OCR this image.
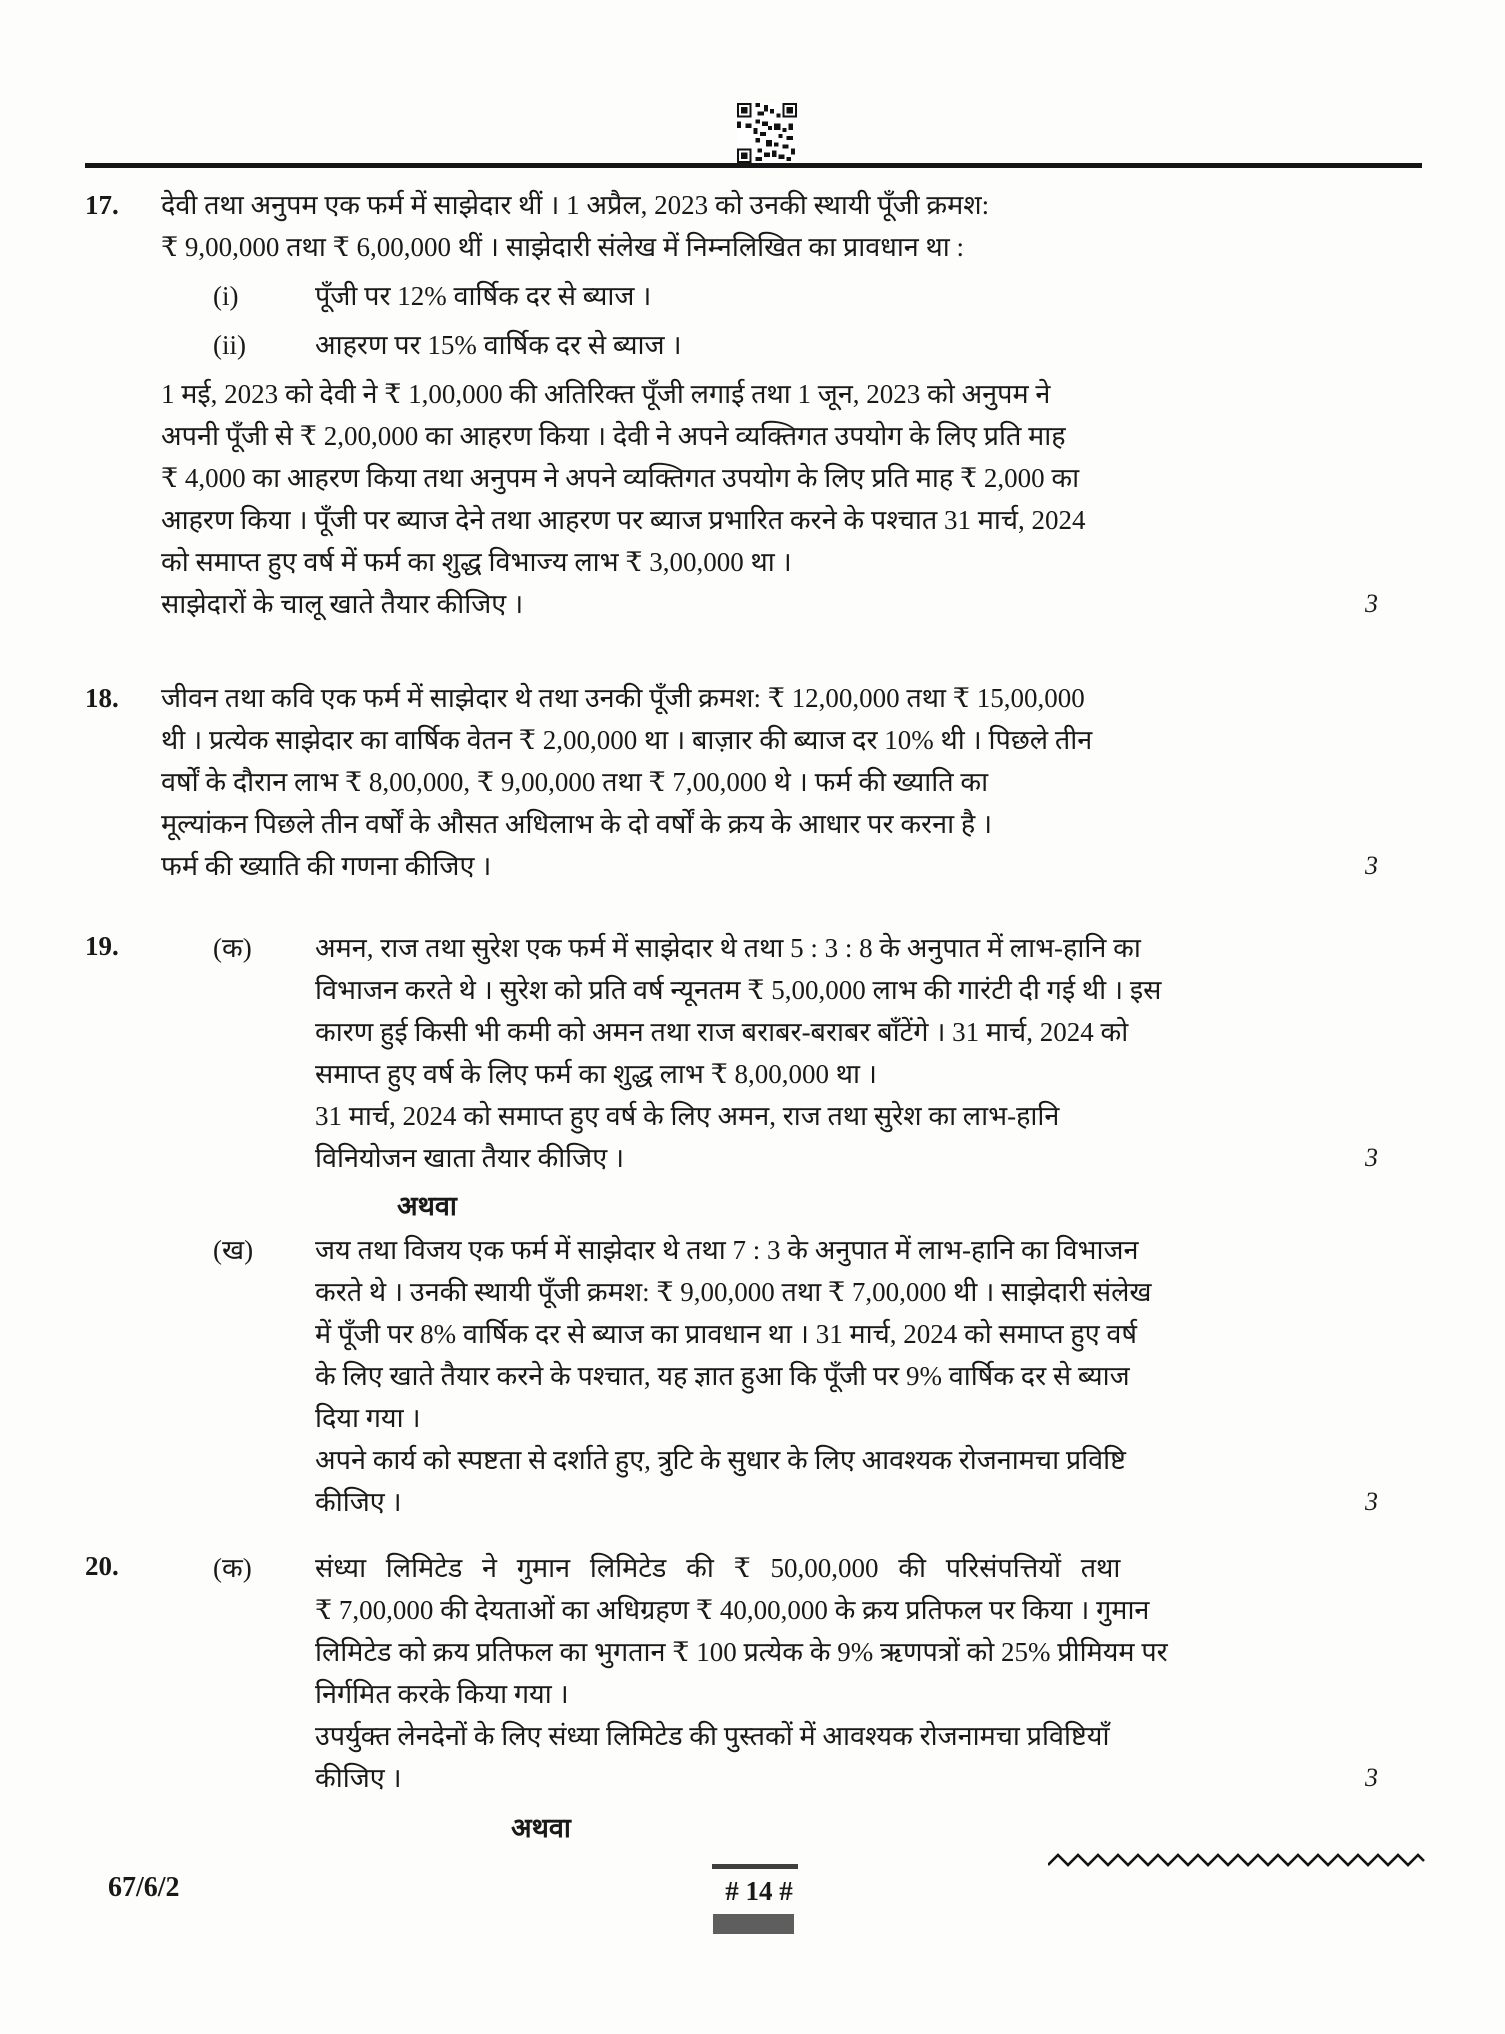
17.	देवी तथा अनुपम एक फर्म में साझेदार थीं । 1 अप्रैल, 2023 को उनकी स्थायी पूँजी क्रमश:
₹ 9,00,000 तथा ₹ 6,00,000 थीं । साझेदारी संलेख में निम्नलिखित का प्रावधान था :
(i)	पूँजी पर 12% वार्षिक दर से ब्याज ।
(ii)	आहरण पर 15% वार्षिक दर से ब्याज ।
1 मई, 2023 को देवी ने ₹ 1,00,000 की अतिरिक्त पूँजी लगाई तथा 1 जून, 2023 को अनुपम ने
अपनी पूँजी से ₹ 2,00,000 का आहरण किया । देवी ने अपने व्यक्तिगत उपयोग के लिए प्रति माह
₹ 4,000 का आहरण किया तथा अनुपम ने अपने व्यक्तिगत उपयोग के लिए प्रति माह ₹ 2,000 का
आहरण किया । पूँजी पर ब्याज देने तथा आहरण पर ब्याज प्रभारित करने के पश्चात 31 मार्च, 2024
को समाप्त हुए वर्ष में फर्म का शुद्ध विभाज्य लाभ ₹ 3,00,000 था ।
साझेदारों के चालू खाते तैयार कीजिए ।	3
18.	जीवन तथा कवि एक फर्म में साझेदार थे तथा उनकी पूँजी क्रमश: ₹ 12,00,000 तथा ₹ 15,00,000
थी । प्रत्येक साझेदार का वार्षिक वेतन ₹ 2,00,000 था । बाज़ार की ब्याज दर 10% थी । पिछले तीन
वर्षों के दौरान लाभ ₹ 8,00,000, ₹ 9,00,000 तथा ₹ 7,00,000 थे । फर्म की ख्याति का
मूल्यांकन पिछले तीन वर्षों के औसत अधिलाभ के दो वर्षों के क्रय के आधार पर करना है ।
फर्म की ख्याति की गणना कीजिए ।	3
19.	(क)	अमन, राज तथा सुरेश एक फर्म में साझेदार थे तथा 5 : 3 : 8 के अनुपात में लाभ-हानि का
विभाजन करते थे । सुरेश को प्रति वर्ष न्यूनतम ₹ 5,00,000 लाभ की गारंटी दी गई थी । इस
कारण हुई किसी भी कमी को अमन तथा राज बराबर-बराबर बाँटेंगे । 31 मार्च, 2024 को
समाप्त हुए वर्ष के लिए फर्म का शुद्ध लाभ ₹ 8,00,000 था ।
31 मार्च, 2024 को समाप्त हुए वर्ष के लिए अमन, राज तथा सुरेश का लाभ-हानि
विनियोजन खाता तैयार कीजिए ।	3
अथवा
(ख)	जय तथा विजय एक फर्म में साझेदार थे तथा 7 : 3 के अनुपात में लाभ-हानि का विभाजन
करते थे । उनकी स्थायी पूँजी क्रमश: ₹ 9,00,000 तथा ₹ 7,00,000 थी । साझेदारी संलेख
में पूँजी पर 8% वार्षिक दर से ब्याज का प्रावधान था । 31 मार्च, 2024 को समाप्त हुए वर्ष
के लिए खाते तैयार करने के पश्चात, यह ज्ञात हुआ कि पूँजी पर 9% वार्षिक दर से ब्याज
दिया गया ।
अपने कार्य को स्पष्टता से दर्शाते हुए, त्रुटि के सुधार के लिए आवश्यक रोजनामचा प्रविष्टि
कीजिए ।	3
20.	(क)	संध्या लिमिटेड ने गुमान लिमिटेड की ₹ 50,00,000 की परिसंपत्तियों तथा
₹ 7,00,000 की देयताओं का अधिग्रहण ₹ 40,00,000 के क्रय प्रतिफल पर किया । गुमान
लिमिटेड को क्रय प्रतिफल का भुगतान ₹ 100 प्रत्येक के 9% ऋणपत्रों को 25% प्रीमियम पर
निर्गमित करके किया गया ।
उपर्युक्त लेनदेनों के लिए संध्या लिमिटेड की पुस्तकों में आवश्यक रोजनामचा प्रविष्टियाँ
कीजिए ।	3
अथवा
67/6/2	# 14 #
